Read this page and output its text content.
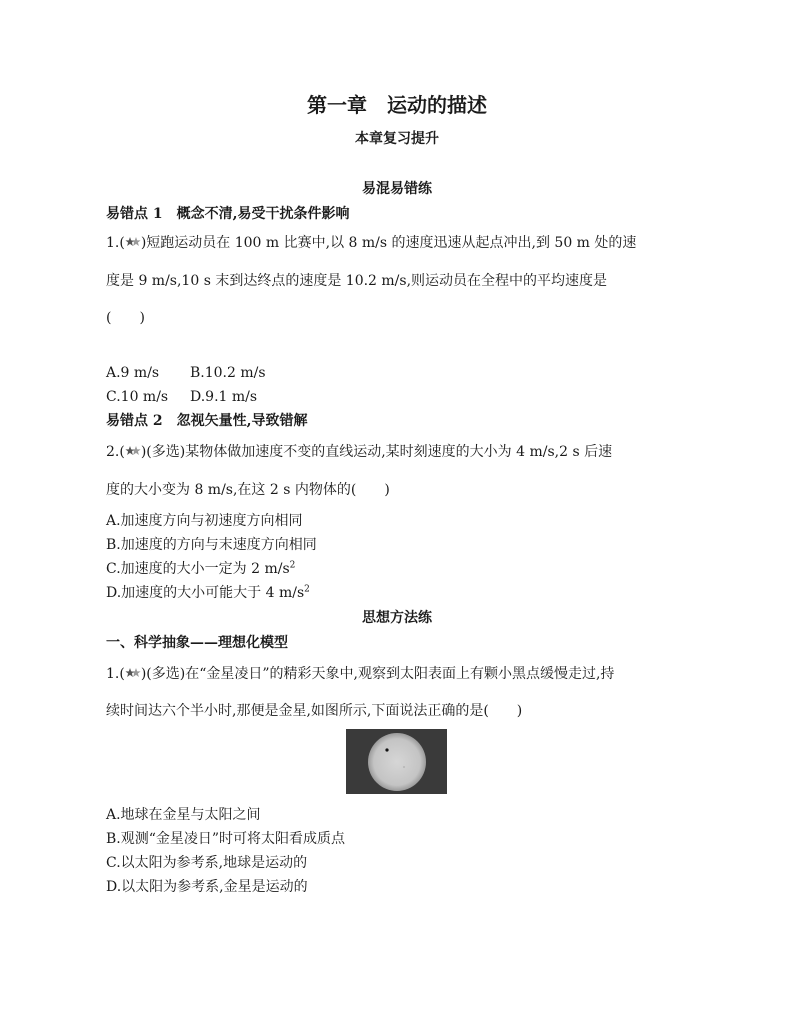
第一章　运动的描述
本章复习提升
易混易错练
易错点 1　概念不清,易受干扰条件影响
1.( )短跑运动员在 100 m 比赛中,以 8 m/s 的速度迅速从起点冲出,到 50 m 处的速
度是 9 m/s,10 s 末到达终点的速度是 10.2 m/s,则运动员在全程中的平均速度是
(　　)
A.9 m/s B.10.2 m/s
C.10 m/s D.9.1 m/s
易错点 2　忽视矢量性,导致错解
2.( )(多选)某物体做加速度不变的直线运动,某时刻速度的大小为 4 m/s,2 s 后速
度的大小变为 8 m/s,在这 2 s 内物体的(　　)
A.加速度方向与初速度方向相同
B.加速度的方向与末速度方向相同
C.加速度的大小一定为 2 $m/s^2$
D.加速度的大小可能大于 4 $m/s^2$
思想方法练
一、科学抽象——理想化模型
1.( )(多选)在“金星凌日”的精彩天象中,观察到太阳表面上有颗小黑点缓慢走过,持
续时间达六个半小时,那便是金星,如图所示,下面说法正确的是(　　)
A.地球在金星与太阳之间
B.观测“金星凌日”时可将太阳看成质点
C.以太阳为参考系,地球是运动的
D.以太阳为参考系,金星是运动的
